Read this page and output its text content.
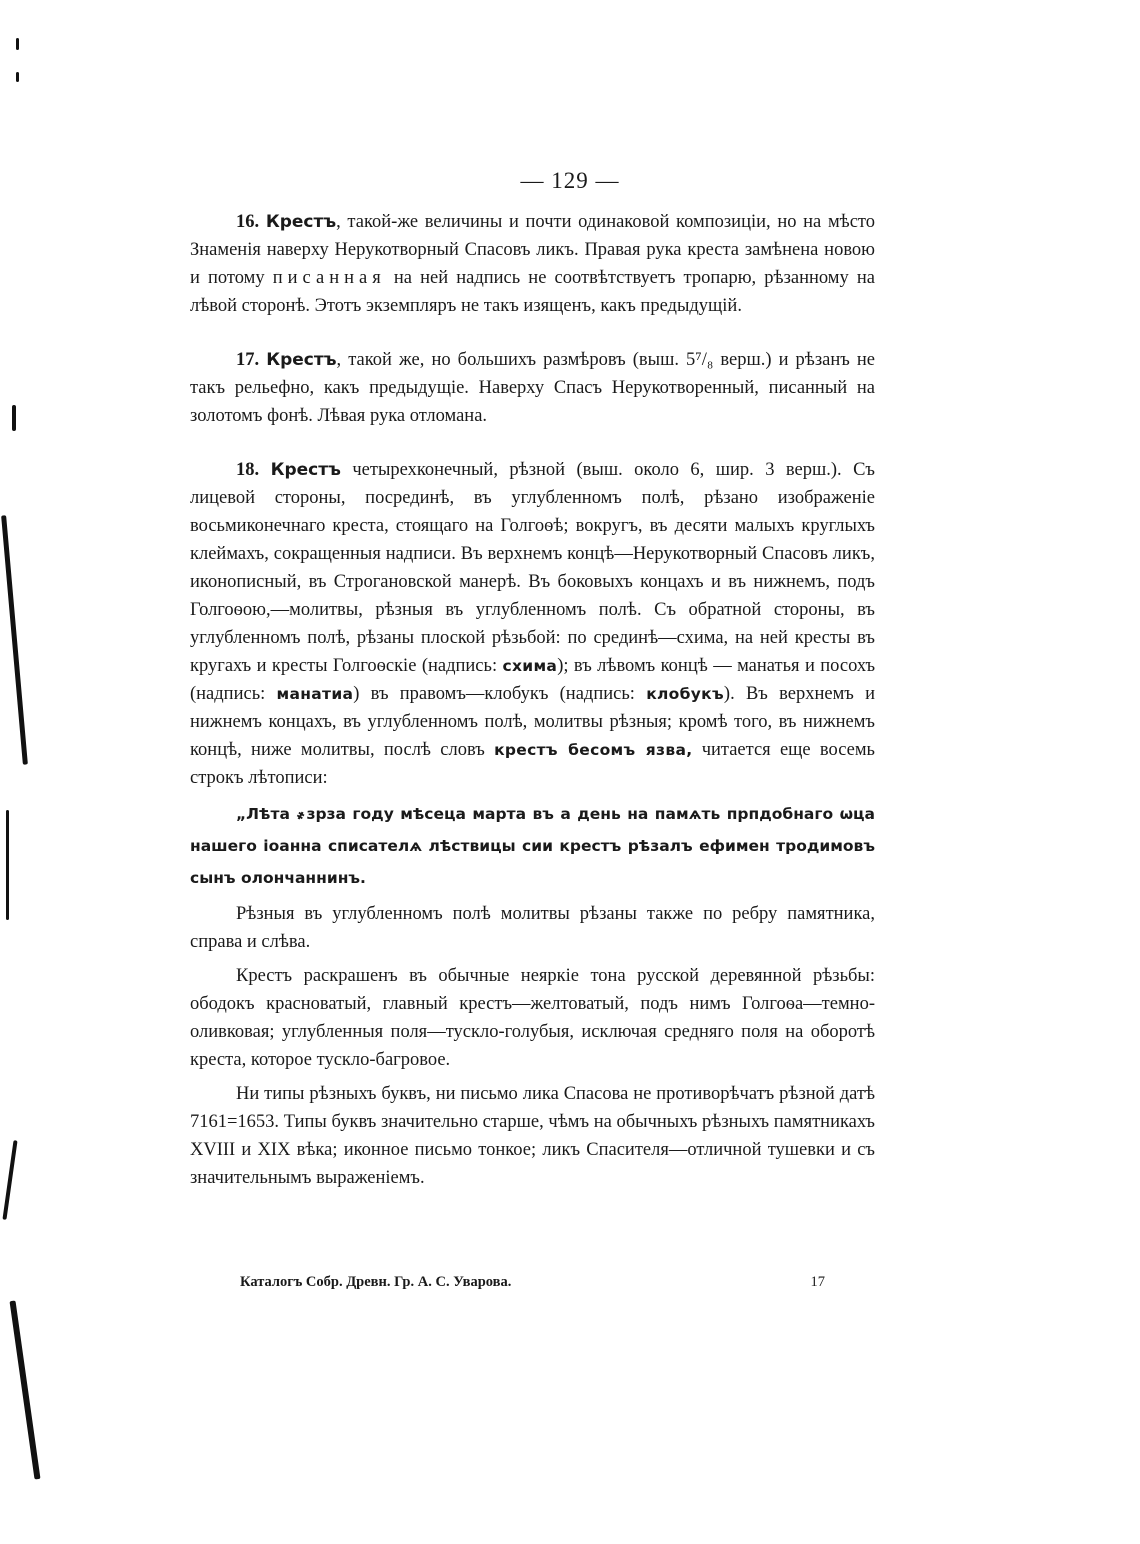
— 129 —

16. Крестъ, такой-же величины и почти одинаковой композиціи, но на мѣсто Знаменія наверху Нерукотворный Спасовъ ликъ. Правая рука креста замѣнена новою и потому писанная на ней надпись не соотвѣтствуетъ тропарю, рѣзанному на лѣвой сторонѣ. Этотъ экземпляръ не такъ изященъ, какъ предыдущій.

17. Крестъ, такой же, но большихъ размѣровъ (выш. 5⁷/₈ верш.) и рѣзанъ не такъ рельефно, какъ предыдущіе. Наверху Спасъ Нерукотворенный, писанный на золотомъ фонѣ. Лѣвая рука отломана.

18. Крестъ четырехконечный, рѣзной (выш. около 6, шир. 3 верш.). Съ лицевой стороны, посрединѣ, въ углубленномъ полѣ, рѣзано изображеніе восьмиконечнаго креста, стоящаго на Голгоѳѣ; вокругъ, въ десяти малыхъ круглыхъ клеймахъ, сокращенныя надписи. Въ верхнемъ концѣ—Нерукотворный Спасовъ ликъ, иконописный, въ Строгановской манерѣ. Въ боковыхъ концахъ и въ нижнемъ, подъ Голгоѳою,—молитвы, рѣзныя въ углубленномъ полѣ. Съ обратной стороны, въ углубленномъ полѣ, рѣзаны плоской рѣзьбой: по срединѣ—схима, на ней кресты въ кругахъ и кресты Голгоѳскіе (надпись: схима); въ лѣвомъ концѣ — манатья и посохъ (надпись: манатиа) въ правомъ—клобукъ (надпись: клобукъ). Въ верхнемъ и нижнемъ концахъ, въ углубленномъ полѣ, молитвы рѣзныя; кромѣ того, въ нижнемъ концѣ, ниже молитвы, послѣ словъ крестъ бесомъ язва, читается еще восемь строкъ лѣтописи:

„Лѣта ҂зрза году мѣсеца марта въ а день на памѧть прпдобнаго ѡца нашего іоанна списателѧ лѣствицы сии крестъ рѣзалъ ефимен тродимовъ сынъ олончаннинъ.

Рѣзныя въ углубленномъ полѣ молитвы рѣзаны также по ребру памятника, справа и слѣва.

Крестъ раскрашенъ въ обычные неяркіе тона русской деревянной рѣзьбы: ободокъ красноватый, главный крестъ—желтоватый, подъ нимъ Голгоѳа—темно-оливковая; углубленныя поля—тускло-голубыя, исключая средняго поля на оборотѣ креста, которое тускло-багровое.

Ни типы рѣзныхъ буквъ, ни письмо лика Спасова не противорѣчатъ рѣзной датѣ 7161=1653. Типы буквъ значительно старше, чѣмъ на обычныхъ рѣзныхъ памятникахъ XVIII и XIX вѣка; иконное письмо тонкое; ликъ Спасителя—отличной тушевки и съ значительнымъ выраженіемъ.

Каталогъ Собр. Древн. Гр. А. С. Уварова.	17
